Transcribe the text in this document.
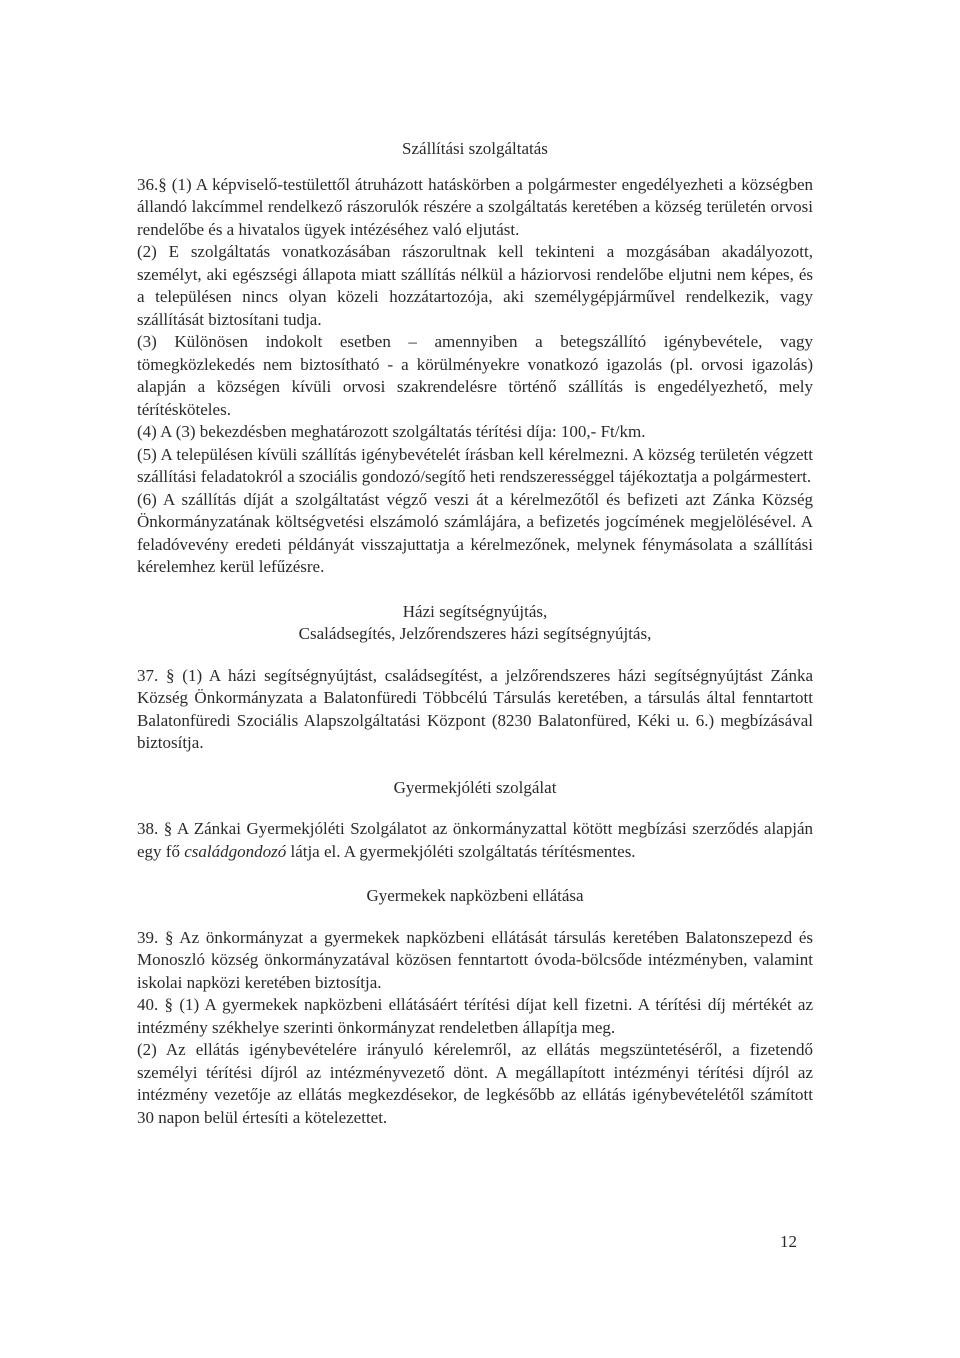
Szállítási szolgáltatás

36.§ (1) A képviselő-testülettől átruházott hatáskörben a polgármester engedélyezheti a községben állandó lakcímmel rendelkező rászorulók részére a szolgáltatás keretében a község területén orvosi rendelőbe és a hivatalos ügyek intézéséhez való eljutást.

(2) E szolgáltatás vonatkozásában rászorultnak kell tekinteni a mozgásában akadályozott, személyt, aki egészségi állapota miatt szállítás nélkül a háziorvosi rendelőbe eljutni nem képes, és a településen nincs olyan közeli hozzátartozója, aki személygépjárművel rendelkezik, vagy szállítását biztosítani tudja.

(3) Különösen indokolt esetben – amennyiben a betegszállító igénybevétele, vagy tömegközlekedés nem biztosítható - a körülményekre vonatkozó igazolás (pl. orvosi igazolás) alapján a községen kívüli orvosi szakrendelésre történő szállítás is engedélyezhető, mely térítésköteles.

(4) A (3) bekezdésben meghatározott szolgáltatás térítési díja: 100,- Ft/km.

(5) A településen kívüli szállítás igénybevételét írásban kell kérelmezni. A község területén végzett szállítási feladatokról a szociális gondozó/segítő heti rendszerességgel tájékoztatja a polgármestert.

(6) A szállítás díját a szolgáltatást végző veszi át a kérelmezőtől és befizeti azt Zánka Község Önkormányzatának költségvetési elszámoló számlájára, a befizetés jogcímének megjelölésével. A feladóvevény eredeti példányát visszajuttatja a kérelmezőnek, melynek fénymásolata a szállítási kérelemhez kerül lefűzésre.

Házi segítségnyújtás,

Családsegítés, Jelzőrendszeres házi segítségnyújtás,

37. § (1) A házi segítségnyújtást, családsegítést, a jelzőrendszeres házi segítségnyújtást Zánka Község Önkormányzata a Balatonfüredi Többcélú Társulás keretében, a társulás által fenntartott Balatonfüredi Szociális Alapszolgáltatási Központ (8230 Balatonfüred, Kéki u. 6.) megbízásával biztosítja.

Gyermekjóléti szolgálat

38. § A Zánkai Gyermekjóléti Szolgálatot az önkormányzattal kötött megbízási szerződés alapján egy fő családgondozó látja el. A gyermekjóléti szolgáltatás térítésmentes.

Gyermekek napközbeni ellátása

39. § Az önkormányzat a gyermekek napközbeni ellátását társulás keretében Balatonszepezd és Monoszló község önkormányzatával közösen fenntartott óvoda-bölcsőde intézményben, valamint iskolai napközi keretében biztosítja.

40. § (1) A gyermekek napközbeni ellátásáért térítési díjat kell fizetni. A térítési díj mértékét az intézmény székhelye szerinti önkormányzat rendeletben állapítja meg.

(2) Az ellátás igénybevételére irányuló kérelemről, az ellátás megszüntetéséről, a fizetendő személyi térítési díjról az intézményvezető dönt. A megállapított intézményi térítési díjról az intézmény vezetője az ellátás megkezdésekor, de legkésőbb az ellátás igénybevételétől számított 30 napon belül értesíti a kötelezettet.

12
